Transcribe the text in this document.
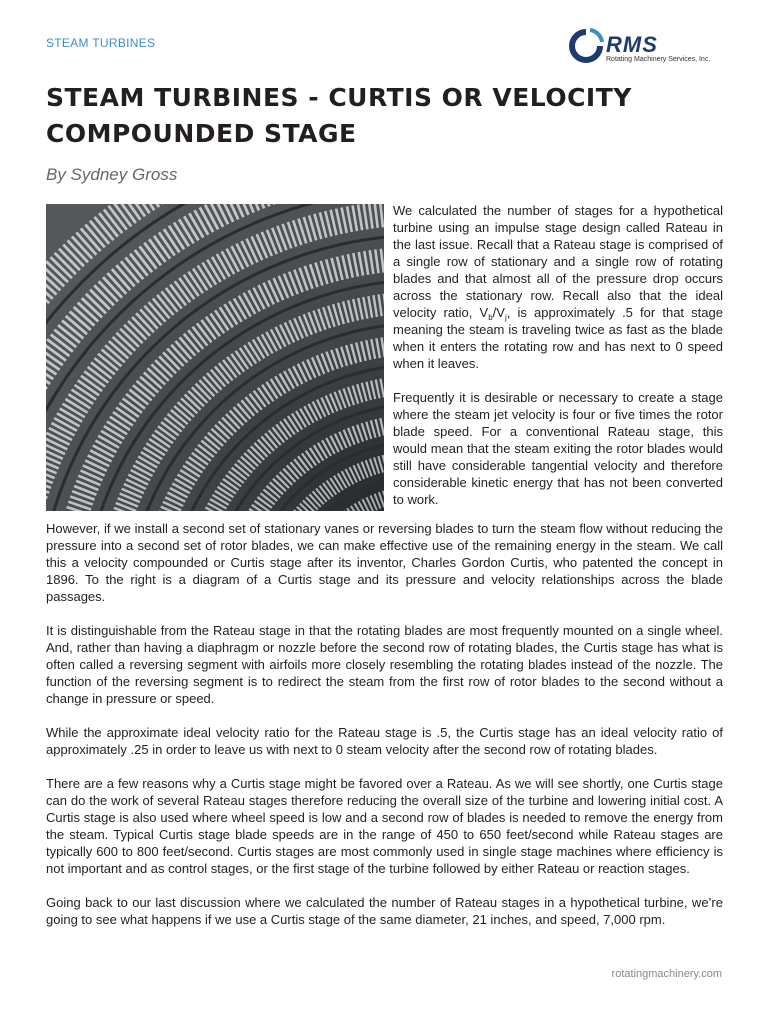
STEAM TURBINES	RMS
Rotating Machinery Services, Inc.
STEAM TURBINES - CURTIS OR VELOCITY COMPOUNDED STAGE
By Sydney Gross

We calculated the number of stages for a hypothetical turbine using an impulse stage design called Rateau in the last issue. Recall that a Rateau stage is comprised of a single row of stationary and a single row of rotating blades and that almost all of the pressure drop occurs across the stationary row. Recall also that the ideal velocity ratio, $V_b/V_j$, is approximately .5 for that stage meaning the steam is traveling twice as fast as the blade when it enters the rotating row and has next to 0 speed when it leaves.

Frequently it is desirable or necessary to create a stage where the steam jet velocity is four or five times the rotor blade speed. For a conventional Rateau stage, this would mean that the steam exiting the rotor blades would still have considerable tangential velocity and therefore considerable kinetic energy that has not been converted to work.

However, if we install a second set of stationary vanes or reversing blades to turn the steam flow without reducing the pressure into a second set of rotor blades, we can make effective use of the remaining energy in the steam. We call this a velocity compounded or Curtis stage after its inventor, Charles Gordon Curtis, who patented the concept in 1896. To the right is a diagram of a Curtis stage and its pressure and velocity relationships across the blade passages.

It is distinguishable from the Rateau stage in that the rotating blades are most frequently mounted on a single wheel. And, rather than having a diaphragm or nozzle before the second row of rotating blades, the Curtis stage has what is often called a reversing segment with airfoils more closely resembling the rotating blades instead of the nozzle. The function of the reversing segment is to redirect the steam from the first row of rotor blades to the second without a change in pressure or speed.

While the approximate ideal velocity ratio for the Rateau stage is .5, the Curtis stage has an ideal velocity ratio of approximately .25 in order to leave us with next to 0 steam velocity after the second row of rotating blades.

There are a few reasons why a Curtis stage might be favored over a Rateau. As we will see shortly, one Curtis stage can do the work of several Rateau stages therefore reducing the overall size of the turbine and lowering initial cost. A Curtis stage is also used where wheel speed is low and a second row of blades is needed to remove the energy from the steam. Typical Curtis stage blade speeds are in the range of 450 to 650 feet/second while Rateau stages are typically 600 to 800 feet/second. Curtis stages are most commonly used in single stage machines where efficiency is not important and as control stages, or the first stage of the turbine followed by either Rateau or reaction stages.

Going back to our last discussion where we calculated the number of Rateau stages in a hypothetical turbine, we’re going to see what happens if we use a Curtis stage of the same diameter, 21 inches, and speed, 7,000 rpm.

rotatingmachinery.com
